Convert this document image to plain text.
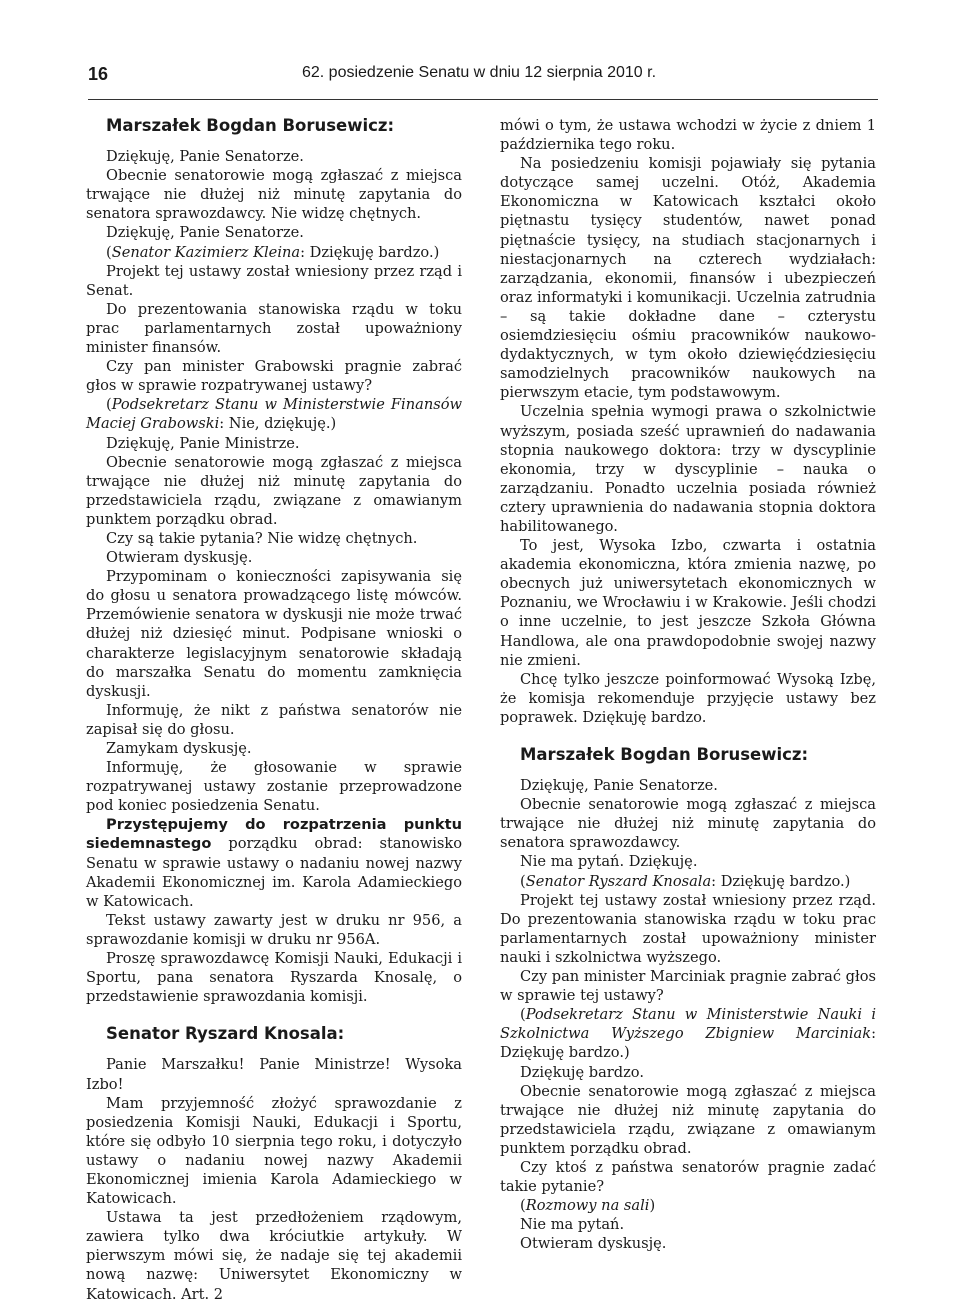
16	62. posiedzenie Senatu w dniu 12 sierpnia 2010 r.
Marszałek Bogdan Borusewicz:

Dziękuję, Panie Senatorze.

Obecnie senatorowie mogą zgłaszać z miejsca trwające nie dłużej niż minutę zapytania do senatora sprawozdawcy. Nie widzę chętnych.

Dziękuję, Panie Senatorze.

(Senator Kazimierz Kleina: Dziękuję bardzo.)

Projekt tej ustawy został wniesiony przez rząd i Senat.

Do prezentowania stanowiska rządu w toku prac parlamentarnych został upoważniony minister finansów.

Czy pan minister Grabowski pragnie zabrać głos w sprawie rozpatrywanej ustawy?

(Podsekretarz Stanu w Ministerstwie Finansów Maciej Grabowski: Nie, dziękuję.)

Dziękuję, Panie Ministrze.

Obecnie senatorowie mogą zgłaszać z miejsca trwające nie dłużej niż minutę zapytania do przedstawiciela rządu, związane z omawianym punktem porządku obrad.

Czy są takie pytania? Nie widzę chętnych.

Otwieram dyskusję.

Przypominam o konieczności zapisywania się do głosu u senatora prowadzącego listę mówców. Przemówienie senatora w dyskusji nie może trwać dłużej niż dziesięć minut. Podpisane wnioski o charakterze legislacyjnym senatorowie składają do marszałka Senatu do momentu zamknięcia dyskusji.

Informuję, że nikt z państwa senatorów nie zapisał się do głosu.

Zamykam dyskusję.

Informuję, że głosowanie w sprawie rozpatrywanej ustawy zostanie przeprowadzone pod koniec posiedzenia Senatu.

Przystępujemy do rozpatrzenia punktu siedemnastego porządku obrad: stanowisko Senatu w sprawie ustawy o nadaniu nowej nazwy Akademii Ekonomicznej im. Karola Adamieckiego w Katowicach.

Tekst ustawy zawarty jest w druku nr 956, a sprawozdanie komisji w druku nr 956A.

Proszę sprawozdawcę Komisji Nauki, Edukacji i Sportu, pana senatora Ryszarda Knosalę, o przedstawienie sprawozdania komisji.

Senator Ryszard Knosala:

Panie Marszałku! Panie Ministrze! Wysoka Izbo!

Mam przyjemność złożyć sprawozdanie z posiedzenia Komisji Nauki, Edukacji i Sportu, które się odbyło 10 sierpnia tego roku, i dotyczyło ustawy o nadaniu nowej nazwy Akademii Ekonomicznej imienia Karola Adamieckiego w Katowicach.

Ustawa ta jest przedłożeniem rządowym, zawiera tylko dwa króciutkie artykuły. W pierwszym mówi się, że nadaje się tej akademii nową nazwę: Uniwersytet Ekonomiczny w Katowicach. Art. 2

mówi o tym, że ustawa wchodzi w życie z dniem 1 października tego roku.

Na posiedzeniu komisji pojawiały się pytania dotyczące samej uczelni. Otóż, Akademia Ekonomiczna w Katowicach kształci około piętnastu tysięcy studentów, nawet ponad piętnaście tysięcy, na studiach stacjonarnych i niestacjonarnych na czterech wydziałach: zarządzania, ekonomii, finansów i ubezpieczeń oraz informatyki i komunikacji. Uczelnia zatrudnia – są takie dokładne dane – czterystu osiemdziesięciu ośmiu pracowników naukowo-dydaktycznych, w tym około dziewięćdziesięciu samodzielnych pracowników naukowych na pierwszym etacie, tym podstawowym.

Uczelnia spełnia wymogi prawa o szkolnictwie wyższym, posiada sześć uprawnień do nadawania stopnia naukowego doktora: trzy w dyscyplinie ekonomia, trzy w dyscyplinie – nauka o zarządzaniu. Ponadto uczelnia posiada również cztery uprawnienia do nadawania stopnia doktora habilitowanego.

To jest, Wysoka Izbo, czwarta i ostatnia akademia ekonomiczna, która zmienia nazwę, po obecnych już uniwersytetach ekonomicznych w Poznaniu, we Wrocławiu i w Krakowie. Jeśli chodzi o inne uczelnie, to jest jeszcze Szkoła Główna Handlowa, ale ona prawdopodobnie swojej nazwy nie zmieni.

Chcę tylko jeszcze poinformować Wysoką Izbę, że komisja rekomenduje przyjęcie ustawy bez poprawek. Dziękuję bardzo.

Marszałek Bogdan Borusewicz:

Dziękuję, Panie Senatorze.

Obecnie senatorowie mogą zgłaszać z miejsca trwające nie dłużej niż minutę zapytania do senatora sprawozdawcy.

Nie ma pytań. Dziękuję.

(Senator Ryszard Knosala: Dziękuję bardzo.)

Projekt tej ustawy został wniesiony przez rząd. Do prezentowania stanowiska rządu w toku prac parlamentarnych został upoważniony minister nauki i szkolnictwa wyższego.

Czy pan minister Marciniak pragnie zabrać głos w sprawie tej ustawy?

(Podsekretarz Stanu w Ministerstwie Nauki i Szkolnictwa Wyższego Zbigniew Marciniak: Dziękuję bardzo.)

Dziękuję bardzo.

Obecnie senatorowie mogą zgłaszać z miejsca trwające nie dłużej niż minutę zapytania do przedstawiciela rządu, związane z omawianym punktem porządku obrad.

Czy ktoś z państwa senatorów pragnie zadać takie pytanie?

(Rozmowy na sali)

Nie ma pytań.

Otwieram dyskusję.
